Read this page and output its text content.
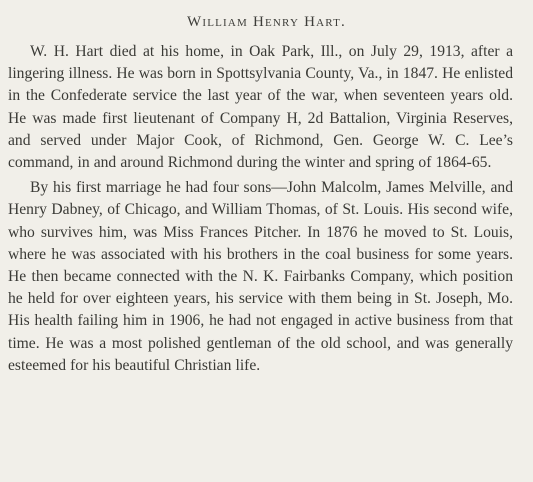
William Henry Hart.

W. H. Hart died at his home, in Oak Park, Ill., on July 29, 1913, after a lingering illness. He was born in Spottsylvania County, Va., in 1847. He enlisted in the Confederate service the last year of the war, when seventeen years old. He was made first lieutenant of Company H, 2d Battalion, Virginia Reserves, and served under Major Cook, of Richmond, Gen. George W. C. Lee’s command, in and around Richmond during the winter and spring of 1864-65.

By his first marriage he had four sons—John Malcolm, James Melville, and Henry Dabney, of Chicago, and William Thomas, of St. Louis. His second wife, who survives him, was Miss Frances Pitcher. In 1876 he moved to St. Louis, where he was associated with his brothers in the coal business for some years. He then became connected with the N. K. Fairbanks Company, which position he held for over eighteen years, his service with them being in St. Joseph, Mo. His health failing him in 1906, he had not engaged in active business from that time. He was a most polished gentleman of the old school, and was generally esteemed for his beautiful Christian life.
